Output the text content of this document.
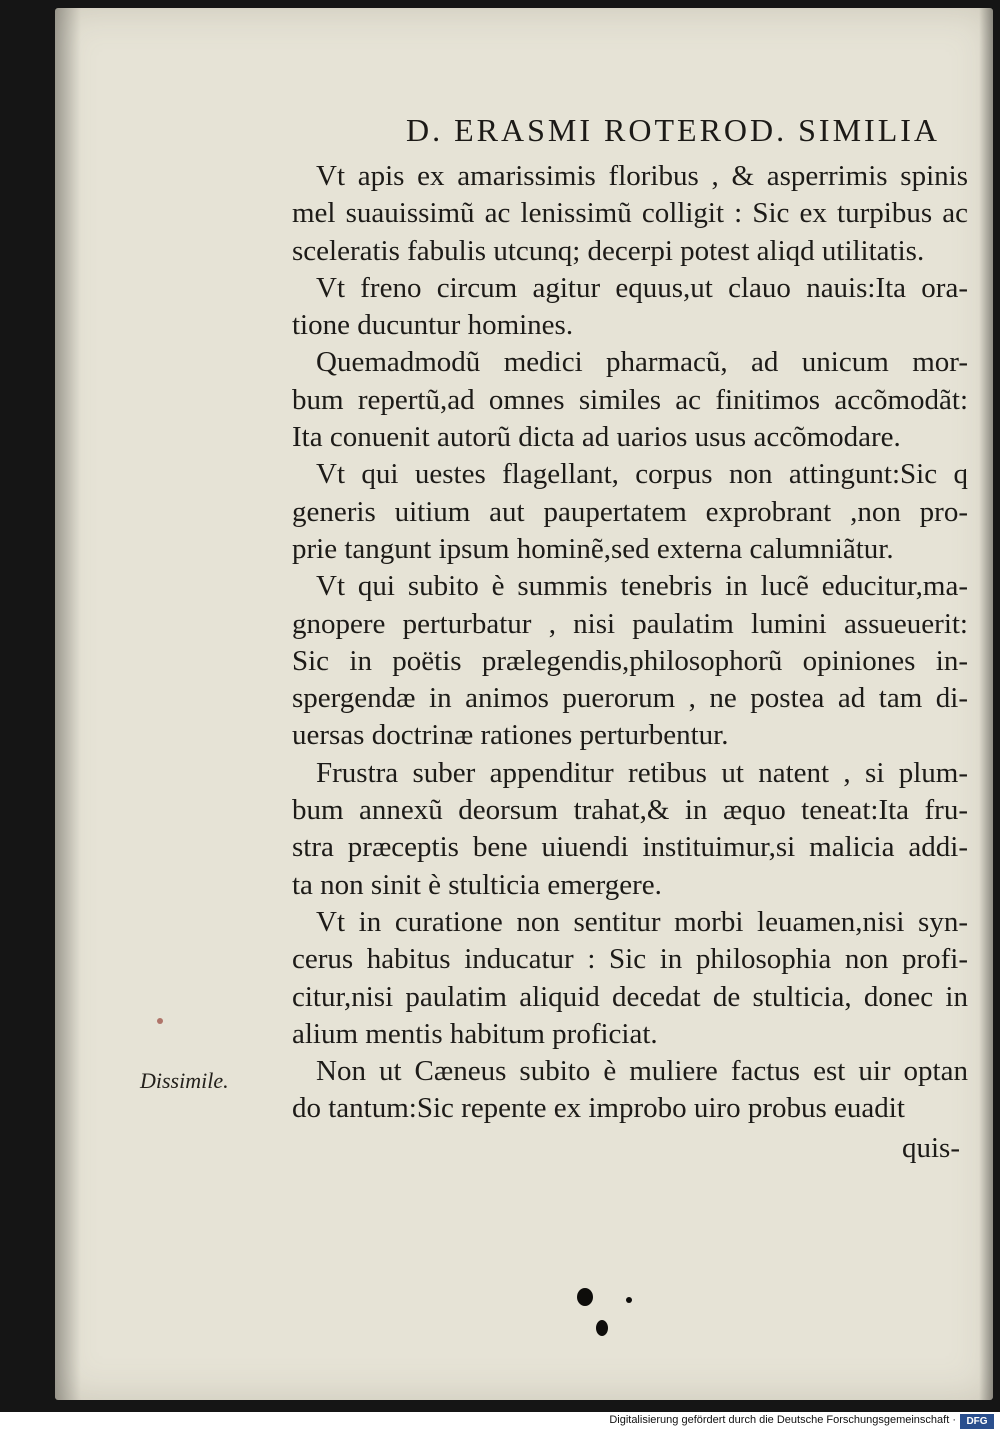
D. ERASMI ROTEROD. SIMILIA
Vt apis ex amarissimis floribus , & asperrimis spinis
mel suauissimũ ac lenissimũ colligit : Sic ex turpibus ac
sceleratis fabulis utcunq; decerpi potest aliqd utilitatis.
Vt freno circum agitur equus,ut clauo nauis:Ita ora-
tione ducuntur homines.
Quemadmodũ medici pharmacũ, ad unicum mor-
bum repertũ,ad omnes similes ac finitimos accõmodãt:
Ita conuenit autorũ dicta ad uarios usus accõmodare.
Vt qui uestes flagellant, corpus non attingunt:Sic q
generis uitium aut paupertatem exprobrant ,non pro-
prie tangunt ipsum hominẽ,sed externa calumniãtur.
Vt qui subito è summis tenebris in lucẽ educitur,ma-
gnopere perturbatur , nisi paulatim lumini assueuerit:
Sic in poëtis prælegendis,philosophorũ opiniones in-
spergendæ in animos puerorum , ne postea ad tam di-
uersas doctrinæ rationes perturbentur.
Frustra suber appenditur retibus ut natent , si plum-
bum annexũ deorsum trahat,& in æquo teneat:Ita fru-
stra præceptis bene uiuendi instituimur,si malicia addi-
ta non sinit è stulticia emergere.
Vt in curatione non sentitur morbi leuamen,nisi syn-
cerus habitus inducatur : Sic in philosophia non profi-
citur,nisi paulatim aliquid decedat de stulticia, donec in
alium mentis habitum proficiat.
Non ut Cæneus subito è muliere factus est uir optan
do tantum:Sic repente ex improbo uiro probus euadit
Dissimile.
quis-
Digitalisierung gefördert durch die Deutsche Forschungsgemeinschaft ·	DFG
